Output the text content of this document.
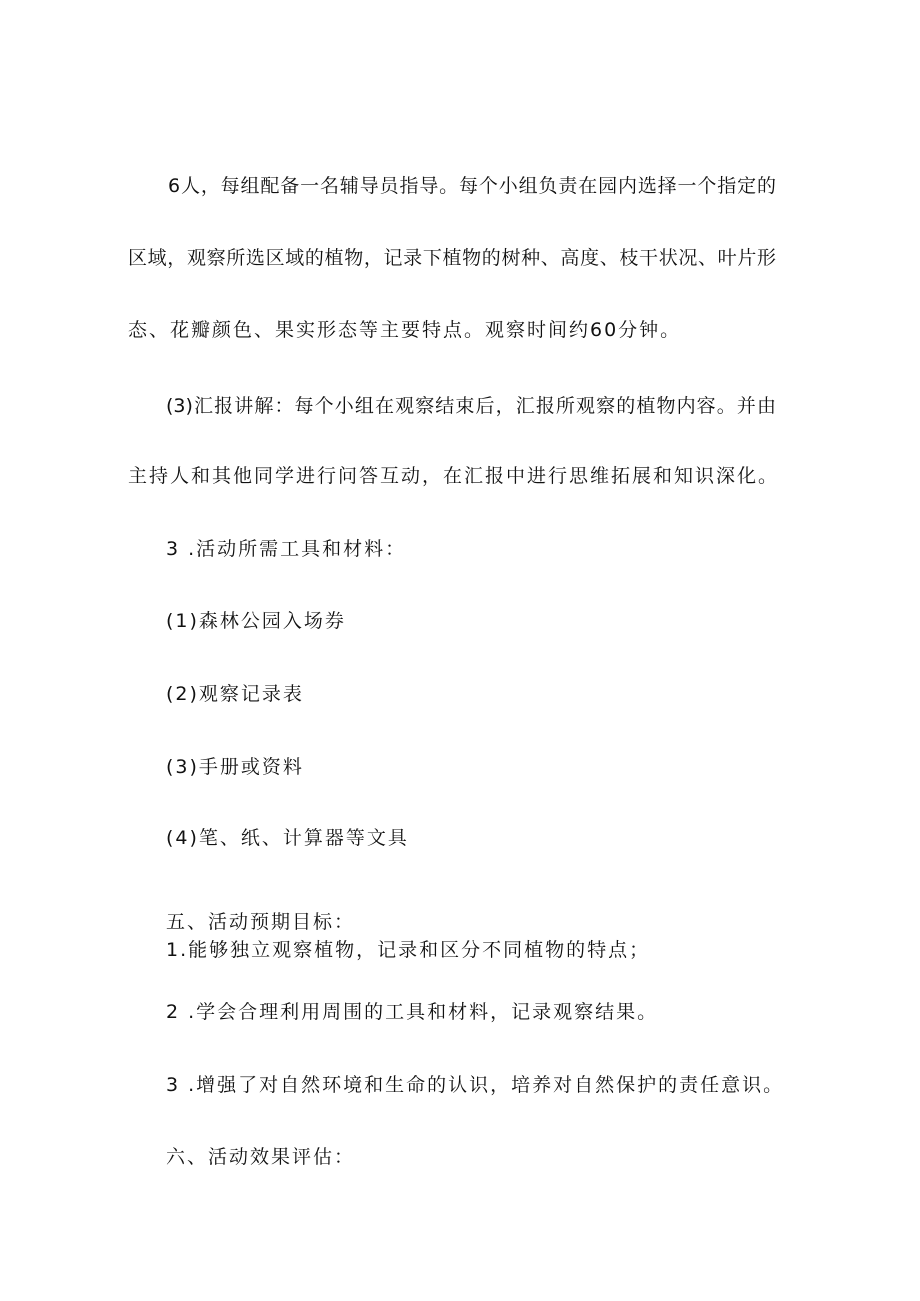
6人，每组配备一名辅导员指导。每个小组负责在园内选择一个指定的

区域，观察所选区域的植物，记录下植物的树种、高度、枝干状况、叶片形

态、花瓣颜色、果实形态等主要特点。观察时间约60分钟。

(3)汇报讲解：每个小组在观察结束后，汇报所观察的植物内容。并由

主持人和其他同学进行问答互动，在汇报中进行思维拓展和知识深化。

3 .活动所需工具和材料：

(1)森林公园入场券

(2)观察记录表

(3)手册或资料

(4)笔、纸、计算器等文具

五、活动预期目标：

1.能够独立观察植物，记录和区分不同植物的特点；

2 .学会合理利用周围的工具和材料，记录观察结果。

3 .增强了对自然环境和生命的认识，培养对自然保护的责任意识。

六、活动效果评估：
